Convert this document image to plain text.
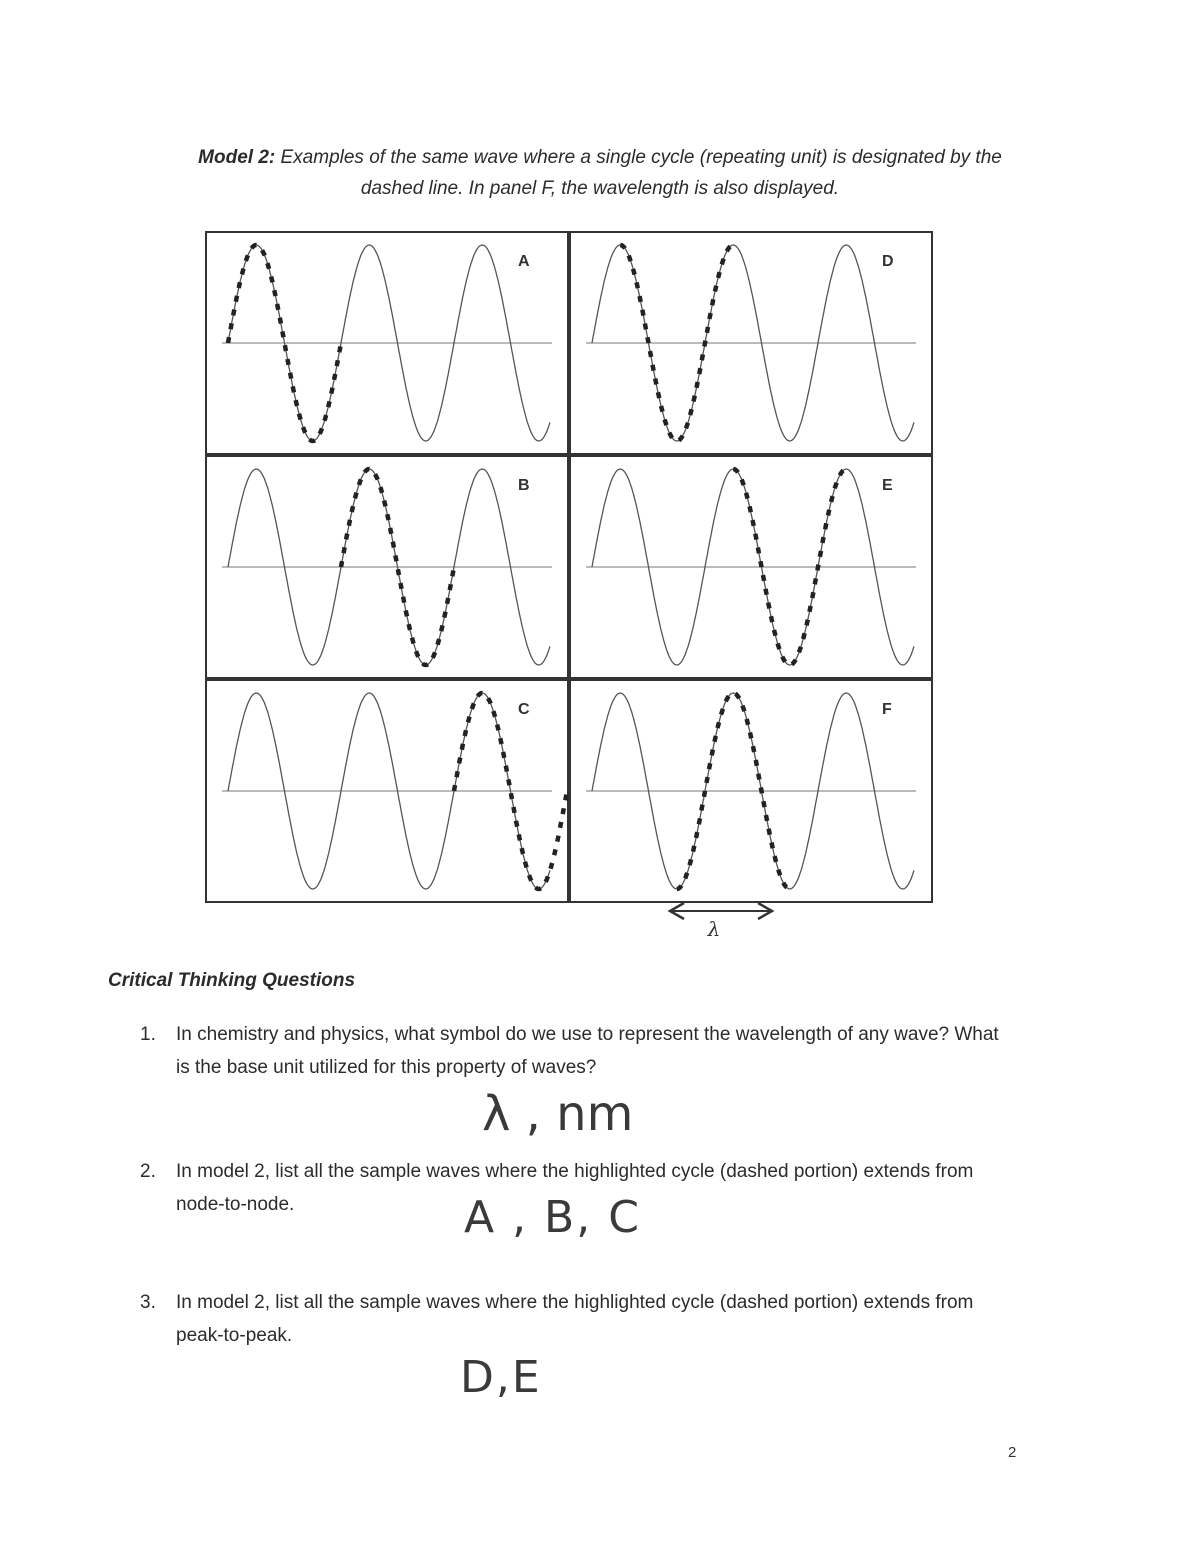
Model 2: Examples of the same wave where a single cycle (repeating unit) is designated by the dashed line. In panel F, the wavelength is also displayed.
A	D
B	E
C	F
λ
Critical Thinking Questions
1. In chemistry and physics, what symbol do we use to represent the wavelength of any wave? What is the base unit utilized for this property of waves?
λ , nm
2. In model 2, list all the sample waves where the highlighted cycle (dashed portion) extends from node-to-node.	A , B, C
3. In model 2, list all the sample waves where the highlighted cycle (dashed portion) extends from peak-to-peak.
D,E
2
